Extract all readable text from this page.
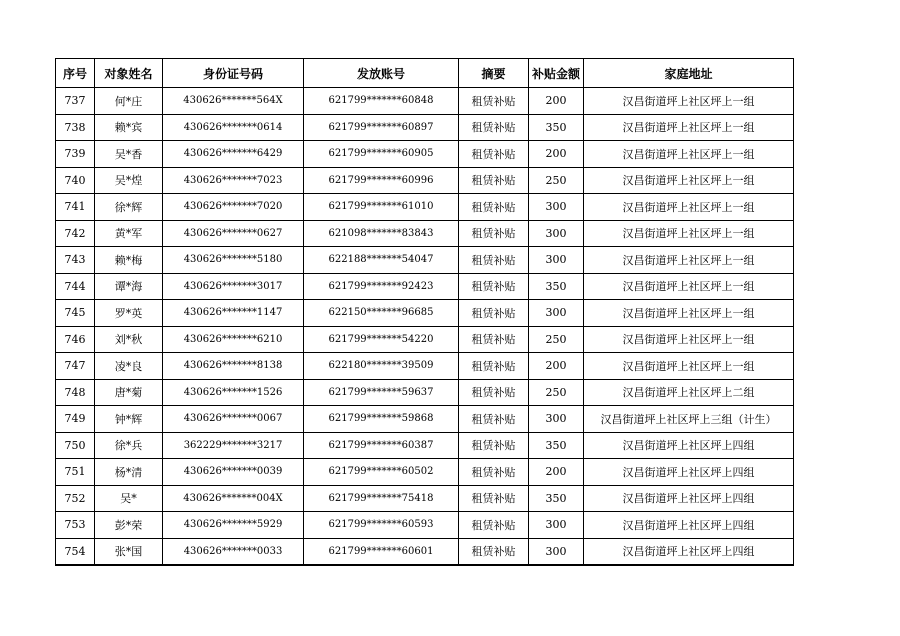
序号	对象姓名	身份证号码	发放账号	摘要	补贴金额	家庭地址
737	何*庄	430626*******564X	621799*******60848	租赁补贴	200	汉昌街道坪上社区坪上一组
738	赖*宾	430626*******0614	621799*******60897	租赁补贴	350	汉昌街道坪上社区坪上一组
739	吴*香	430626*******6429	621799*******60905	租赁补贴	200	汉昌街道坪上社区坪上一组
740	吴*煌	430626*******7023	621799*******60996	租赁补贴	250	汉昌街道坪上社区坪上一组
741	徐*辉	430626*******7020	621799*******61010	租赁补贴	300	汉昌街道坪上社区坪上一组
742	黄*军	430626*******0627	621098*******83843	租赁补贴	300	汉昌街道坪上社区坪上一组
743	赖*梅	430626*******5180	622188*******54047	租赁补贴	300	汉昌街道坪上社区坪上一组
744	谭*海	430626*******3017	621799*******92423	租赁补贴	350	汉昌街道坪上社区坪上一组
745	罗*英	430626*******1147	622150*******96685	租赁补贴	300	汉昌街道坪上社区坪上一组
746	刘*秋	430626*******6210	621799*******54220	租赁补贴	250	汉昌街道坪上社区坪上一组
747	凌*良	430626*******8138	622180*******39509	租赁补贴	200	汉昌街道坪上社区坪上一组
748	唐*菊	430626*******1526	621799*******59637	租赁补贴	250	汉昌街道坪上社区坪上二组
749	钟*辉	430626*******0067	621799*******59868	租赁补贴	300	汉昌街道坪上社区坪上三组（计生）
750	徐*兵	362229*******3217	621799*******60387	租赁补贴	350	汉昌街道坪上社区坪上四组
751	杨*清	430626*******0039	621799*******60502	租赁补贴	200	汉昌街道坪上社区坪上四组
752	吴*	430626*******004X	621799*******75418	租赁补贴	350	汉昌街道坪上社区坪上四组
753	彭*荣	430626*******5929	621799*******60593	租赁补贴	300	汉昌街道坪上社区坪上四组
754	张*国	430626*******0033	621799*******60601	租赁补贴	300	汉昌街道坪上社区坪上四组
